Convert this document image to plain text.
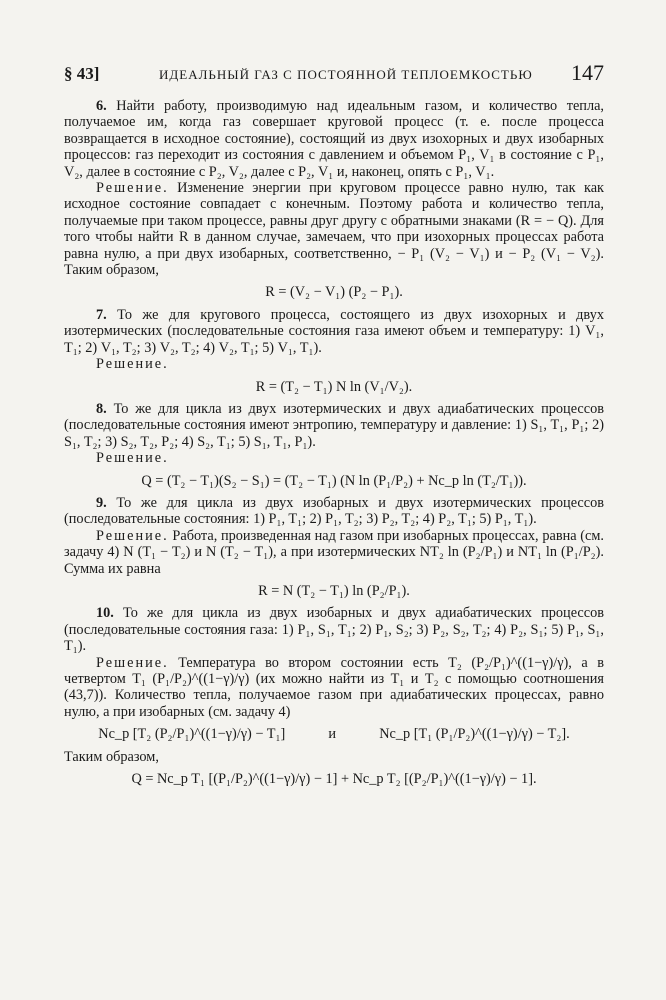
§ 43]	ИДЕАЛЬНЫЙ ГАЗ С ПОСТОЯННОЙ ТЕПЛОЕМКОСТЬЮ 147

6. Найти работу, производимую над идеальным газом, и количество тепла, получаемое им, когда газ совершает круговой процесс (т. е. после процесса возвращается в исходное состояние), состоящий из двух изохорных и двух изобарных процессов: газ переходит из состояния с давлением и объемом P₁, V₁ в состояние с P₁, V₂, далее в состояние с P₂, V₂, далее с P₂, V₁ и, наконец, опять с P₁, V₁.

Решение. Изменение энергии при круговом процессе равно нулю, так как исходное состояние совпадает с конечным. Поэтому работа и количество тепла, получаемые при таком процессе, равны друг другу с обратными знаками (R = − Q). Для того чтобы найти R в данном случае, замечаем, что при изохорных процессах работа равна нулю, а при двух изобарных, соответственно, − P₁ (V₂ − V₁) и − P₂ (V₁ − V₂). Таким образом,

R = (V₂ − V₁) (P₂ − P₁).

7. То же для кругового процесса, состоящего из двух изохорных и двух изотермических (последовательные состояния газа имеют объем и температуру: 1) V₁, T₁; 2) V₁, T₂; 3) V₂, T₂; 4) V₂, T₁; 5) V₁, T₁).

Решение.

R = (T₂ − T₁) N ln (V₁/V₂).

8. То же для цикла из двух изотермических и двух адиабатических процессов (последовательные состояния имеют энтропию, температуру и давление: 1) S₁, T₁, P₁; 2) S₁, T₂; 3) S₂, T₂, P₂; 4) S₂, T₁; 5) S₁, T₁, P₁).

Решение.

Q = (T₂ − T₁)(S₂ − S₁) = (T₂ − T₁) (N ln (P₁/P₂) + Nc_p ln (T₂/T₁)).

9. То же для цикла из двух изобарных и двух изотермических процессов (последовательные состояния: 1) P₁, T₁; 2) P₁, T₂; 3) P₂, T₂; 4) P₂, T₁; 5) P₁, T₁).

Решение. Работа, произведенная над газом при изобарных процессах, равна (см. задачу 4) N (T₁ − T₂) и N (T₂ − T₁), а при изотермических NT₂ ln (P₂/P₁) и NT₁ ln (P₁/P₂). Сумма их равна

R = N (T₂ − T₁) ln (P₂/P₁).

10. То же для цикла из двух изобарных и двух адиабатических процессов (последовательные состояния газа: 1) P₁, S₁, T₁; 2) P₁, S₂; 3) P₂, S₂, T₂; 4) P₂, S₁; 5) P₁, S₁, T₁).

Решение. Температура во втором состоянии есть T₂ (P₂/P₁)^((1−γ)/γ), а в четвертом T₁ (P₁/P₂)^((1−γ)/γ) (их можно найти из T₁ и T₂ с помощью соотношения (43,7)). Количество тепла, получаемое газом при адиабатических процессах, равно нулю, а при изобарных (см. задачу 4)

Nc_p [T₂ (P₂/P₁)^((1−γ)/γ) − T₁]	и	Nc_p [T₁ (P₁/P₂)^((1−γ)/γ) − T₂].

Таким образом,

Q = Nc_p T₁ [(P₁/P₂)^((1−γ)/γ) − 1] + Nc_p T₂ [(P₂/P₁)^((1−γ)/γ) − 1].
